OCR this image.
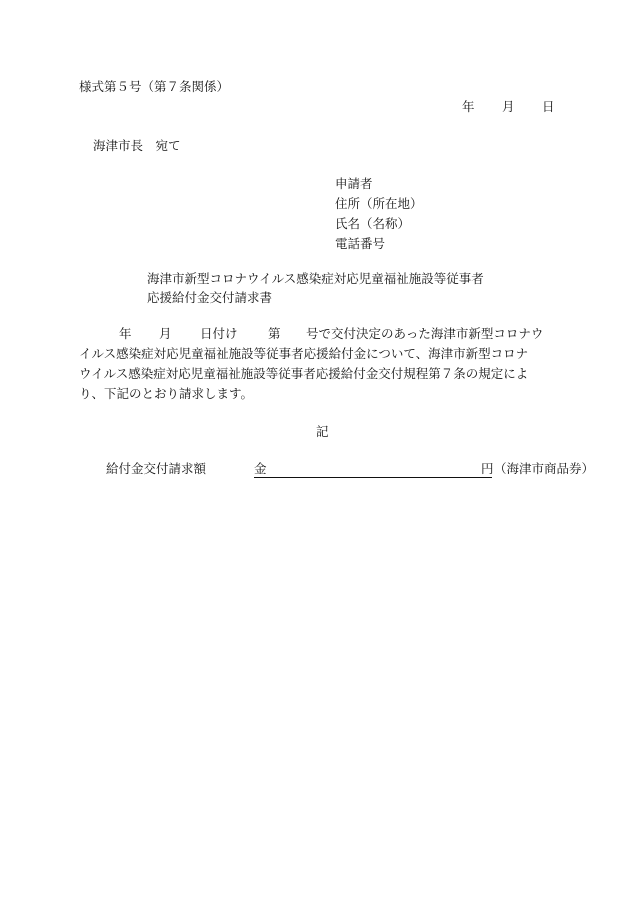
様式第５号（第７条関係）
年 月 日
海津市長　宛て
申請者
住所（所在地）
氏名（名称）
電話番号
海津市新型コロナウイルス感染症対応児童福祉施設等従事者
応援給付金交付請求書
年 月 日付け 第 号で交付決定のあった海津市新型コロナウ
イルス感染症対応児童福祉施設等従事者応援給付金について、海津市新型コロナ
ウイルス感染症対応児童福祉施設等従事者応援給付金交付規程第７条の規定によ
り、下記のとおり請求します。
記
給付金交付請求額	金	円 （海津市商品券）
